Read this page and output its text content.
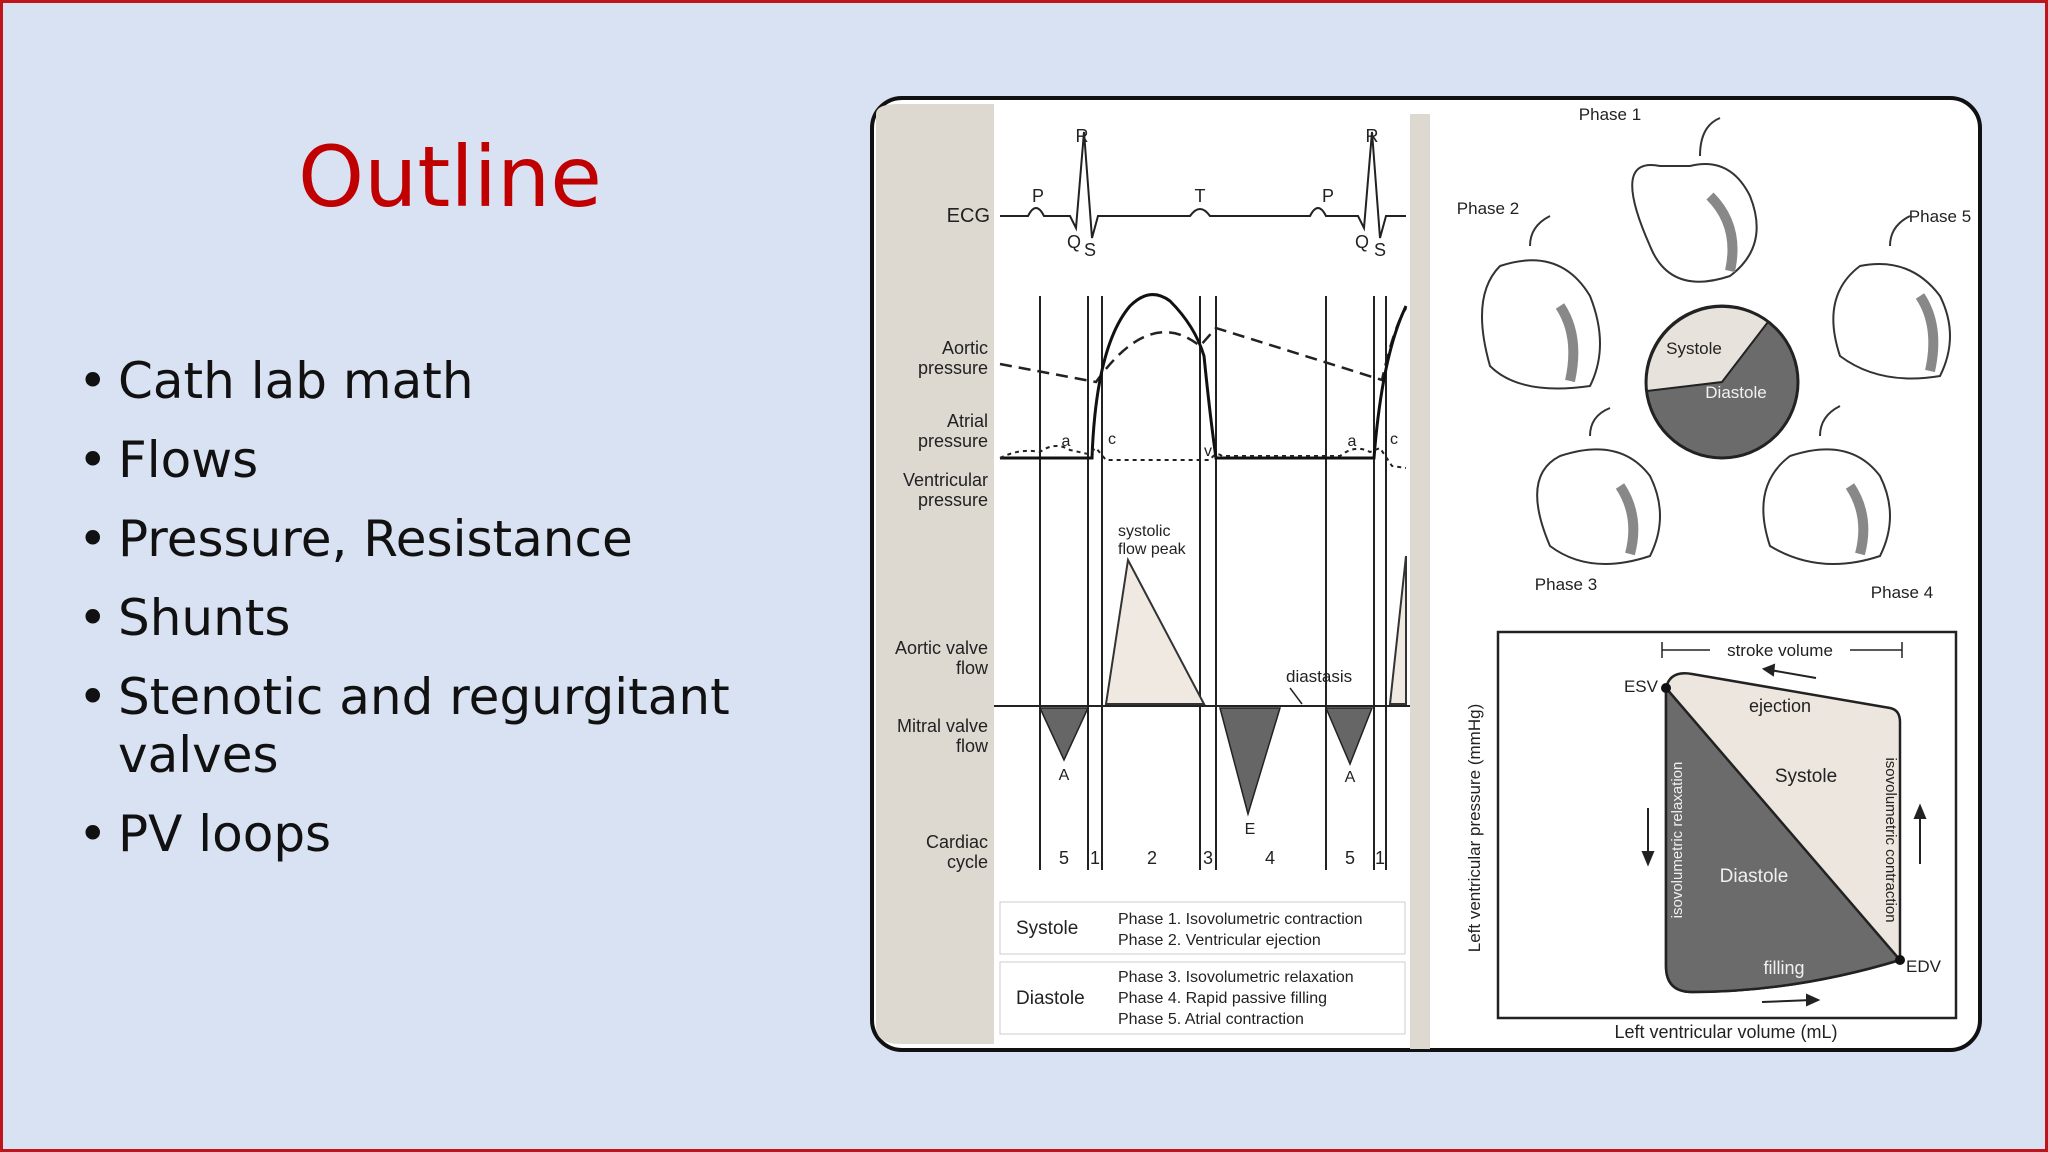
Outline
• Cath lab math
• Flows
• Pressure, Resistance
• Shunts
• Stenotic and regurgitant valves
• PV loops
ECG
Aortic
pressure
Atrial
pressure
Ventricular
pressure
Aortic valve
flow
Mitral valve
flow
Cardiac
cycle
P
R
Q S
T	P
R
Q S
a c
v
a c
systolic
flow peak
diastasis
A
E
A
5 1	2	3	4	5 1
Systole Phase 1. Isovolumetric contraction
Phase 2. Ventricular ejection
Diastole
Phase 3. Isovolumetric relaxation
Phase 4. Rapid passive filling
Phase 5. Atrial contraction
Phase 1
Phase 2
Phase 3	Phase 4
Phase 5
Systole
Diastole
stroke volume
ESV
EDV
ejection
Systole
Diastole
filling
isovolumetric relaxation	isovolumetric contraction
Left ventricular pressure (mmHg)
Left ventricular volume (mL)
